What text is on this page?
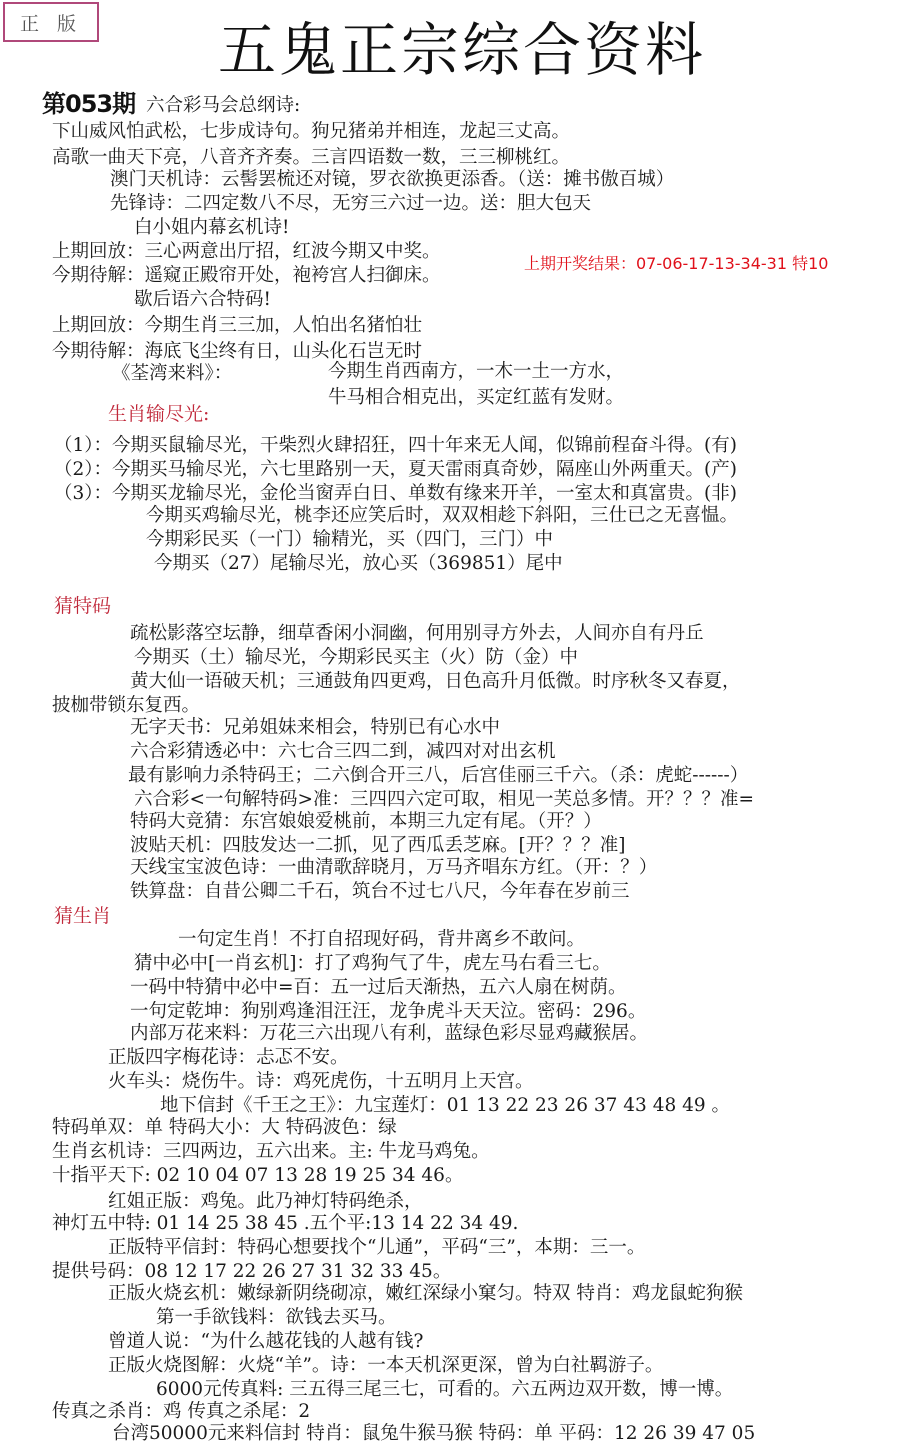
正 版 五鬼正宗综合资料
第053期
上期开奖结果：07-06-17-13-34-31 特10
六合彩马会总纲诗:
下山威风怕武松，七步成诗句。狗兄猪弟并相连，龙起三丈高。
高歌一曲天下亮，八音齐齐奏。三言四语数一数，三三柳桃红。
澳门天机诗：云髻罢梳还对镜，罗衣欲换更添香。（送：摊书傲百城）
先锋诗：二四定数八不尽，无穷三六过一边。送：胆大包天
白小姐内幕玄机诗!
上期回放：三心两意出厅招，红波今期又中奖。
今期待解：遥窥正殿帘开处，袍袴宫人扫御床。
歇后语六合特码!
上期回放：今期生肖三三加，人怕出名猪怕壮
今期待解：海底飞尘终有日，山头化石岂无时
《荃湾来料》：	今期生肖西南方，一木一土一方水，
牛马相合相克出，买定红蓝有发财。
生肖输尽光:
（1）：今期买鼠输尽光，干柴烈火肆招狂，四十年来无人闻，似锦前程奋斗得。(有)
（2）：今期买马输尽光，六七里路别一天，夏天雷雨真奇妙，隔座山外两重天。(产)
（3）：今期买龙输尽光，金伦当窗弄白日、单数有缘来开羊，一室太和真富贵。(非)
今期买鸡输尽光，桃李还应笑后时，双双相趁下斜阳，三仕已之无喜愠。
今期彩民买（一门）输精光，买（四门，三门）中
今期买（27）尾输尽光，放心买（369851）尾中
猜特码
疏松影落空坛静，细草香闲小洞幽，何用别寻方外去，人间亦自有丹丘
今期买（土）输尽光，今期彩民买主（火）防（金）中
黄大仙一语破天机；三通鼓角四更鸡，日色高升月低微。时序秋冬又春夏，
披枷带锁东复西。
无字天书：兄弟姐妹来相会，特别已有心水中
六合彩猜透必中：六七合三四二到，减四对对出玄机
最有影响力杀特码王；二六倒合开三八，后宫佳丽三千六。（杀：虎蛇------）
六合彩<一句解特码>准：三四四六定可取，相见一芙总多情。开？？？准=
特码大竞猜：东宫娘娘爱桃前，本期三九定有尾。（开？）
波贴天机：四肢发达一二抓，见了西瓜丢芝麻。[开？？？准]
天线宝宝波色诗：一曲清歌辞晓月，万马齐唱东方红。（开：？）
铁算盘：自昔公卿二千石，筑台不过七八尺，今年春在岁前三
猜生肖
一句定生肖！不打自招现好码，背井离乡不敢问。
猜中必中[一肖玄机]：打了鸡狗气了牛，虎左马右看三七。
一码中特猜中必中=百：五一过后天渐热，五六人扇在树荫。
一句定乾坤：狗别鸡逢泪汪汪，龙争虎斗天天泣。密码：296。
内部万花来料：万花三六出现八有利，蓝绿色彩尽显鸡藏猴居。
正版四字梅花诗：忐忑不安。
火车头：烧伤牛。诗：鸡死虎伤，十五明月上天宫。
地下信封《千王之王》：九宝莲灯：01 13 22 23 26 37 43 48 49 。
特码单双：单 特码大小：大 特码波色：绿
生肖玄机诗：三四两边，五六出来。主: 牛龙马鸡兔。
十指平天下: 02 10 04 07 13 28 19 25 34 46。
红姐正版：鸡兔。此乃神灯特码绝杀，
神灯五中特: 01 14 25 38 45 .五个平:13 14 22 34 49.
正版特平信封：特码心想要找个“儿通”，平码“三”，本期：三一。
提供号码：08 12 17 22 26 27 31 32 33 45。
正版火烧玄机：嫩绿新阴绕砌凉，嫩红深绿小窠匀。特双 特肖：鸡龙鼠蛇狗猴
第一手欲钱料：欲钱去买马。
曾道人说：“为什么越花钱的人越有钱?
正版火烧图解：火烧“羊”。诗：一本天机深更深，曾为白社羁游子。
6000元传真料: 三五得三尾三七，可看的。六五两边双开数，博一博。
传真之杀肖：鸡 传真之杀尾：2
台湾50000元来料信封 特肖：鼠兔牛猴马猴 特码：单 平码：12 26 39 47 05
